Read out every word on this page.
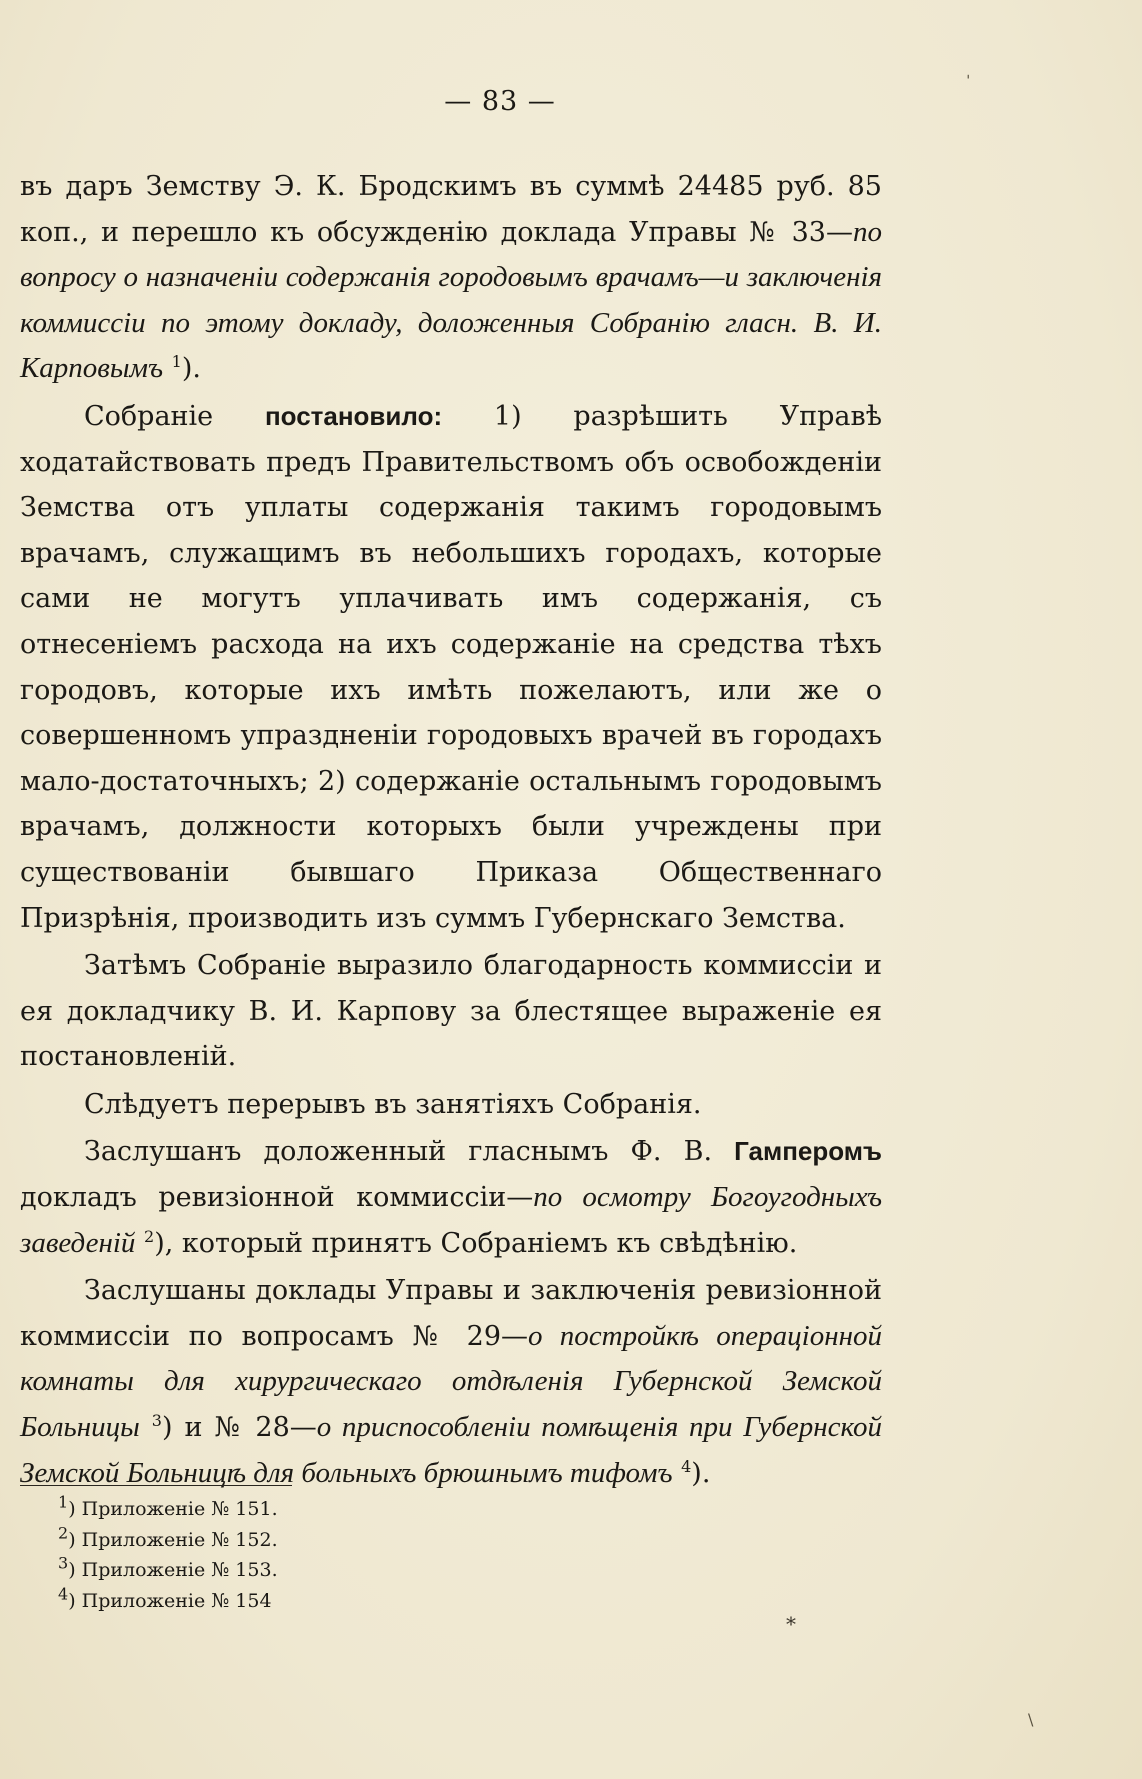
— 83 —

въ даръ Земству Э. К. Бродскимъ въ суммѣ 24485 руб. 85 коп., и перешло къ обсужденію доклада Управы № 33—по вопросу о назначеніи содержанія городовымъ врачамъ—и заключенія коммиссіи по этому докладу, доложенныя Собранію гласн. В. И. Карповымъ $^1$).

Собраніе постановило: 1) разрѣшить Управѣ ходатайствовать предъ Правительствомъ объ освобожденіи Земства отъ уплаты содержанія такимъ городовымъ врачамъ, служащимъ въ небольшихъ городахъ, которые сами не могутъ уплачивать имъ содержанія, съ отнесеніемъ расхода на ихъ содержаніе на средства тѣхъ городовъ, которые ихъ имѣть пожелаютъ, или же о совершенномъ упраздненіи городовыхъ врачей въ городахъ мало-достаточныхъ; 2) содержаніе остальнымъ городовымъ врачамъ, должности которыхъ были учреждены при существованіи бывшаго Приказа Общественнаго Призрѣнія, производить изъ суммъ Губернскаго Земства.

Затѣмъ Собраніе выразило благодарность коммиссіи и ея докладчику В. И. Карпову за блестящее выраженіе ея постановленій.

Слѣдуетъ перерывъ въ занятіяхъ Собранія.

Заслушанъ доложенный гласнымъ Ф. В. Гамперомъ докладъ ревизіонной коммиссіи—по осмотру Богоугодныхъ заведеній $^2$), который принятъ Собраніемъ къ свѣдѣнію.

Заслушаны доклады Управы и заключенія ревизіонной коммиссіи по вопросамъ № 29—о постройкѣ операціонной комнаты для хирургическаго отдѣленія Губернской Земской Больницы $^3$) и № 28—о приспособленіи помѣщенія при Губернской Земской Больницѣ для больныхъ брюшнымъ тифомъ $^4$).

$^1$) Приложеніе № 151.
$^2$) Приложеніе № 152.
$^3$) Приложеніе № 153.
$^4$) Приложеніе № 154
*
ˈ
\
